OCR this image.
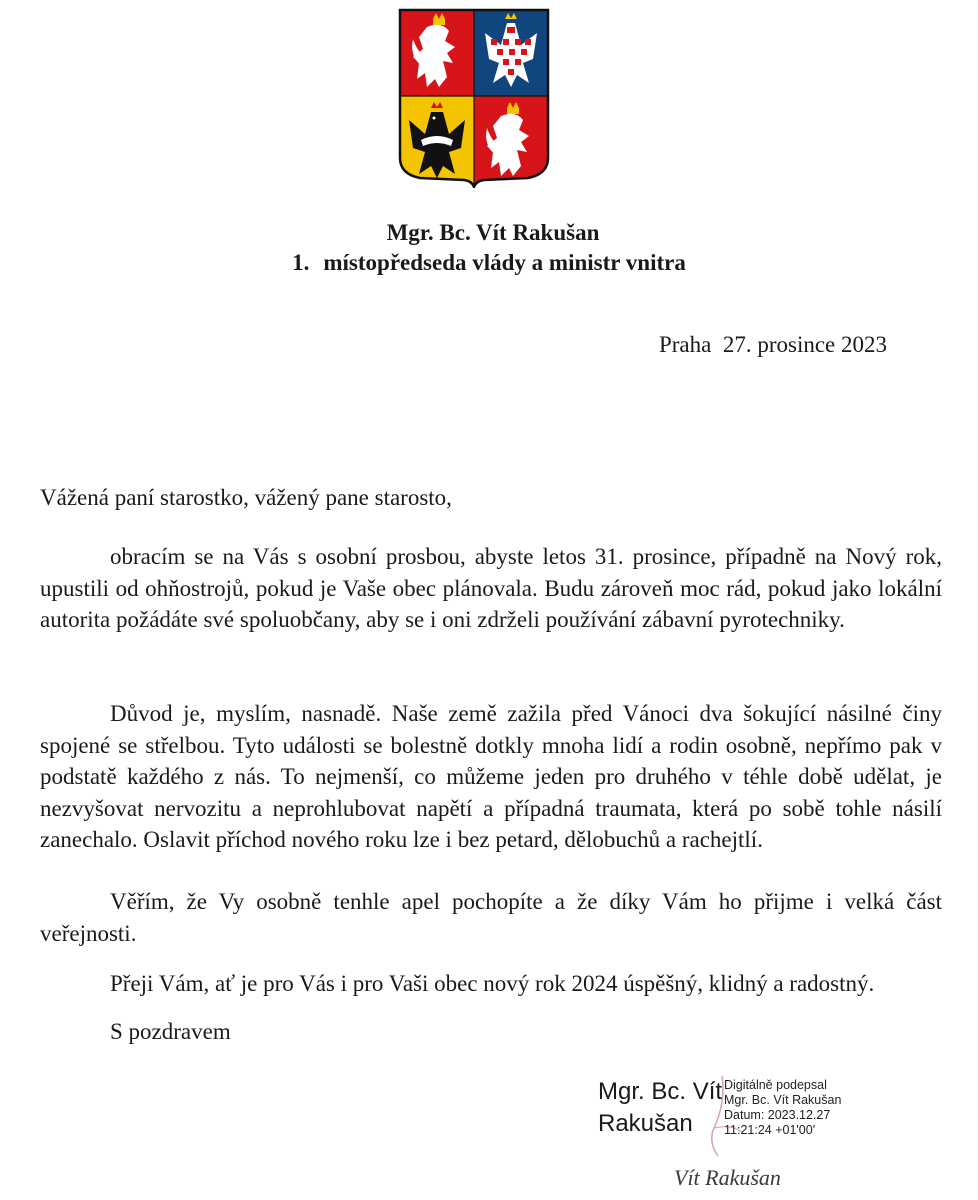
Mgr. Bc. Vít Rakušan
1. místopředseda vlády a ministr vnitra
Praha 27. prosince 2023
Vážená paní starostko, vážený pane starosto,

obracím se na Vás s osobní prosbou, abyste letos 31. prosince, případně na Nový rok, upustili od ohňostrojů, pokud je Vaše obec plánovala. Budu zároveň moc rád, pokud jako lokální autorita požádáte své spoluobčany, aby se i oni zdrželi používání zábavní pyrotechniky.

Důvod je, myslím, nasnadě. Naše země zažila před Vánoci dva šokující násilné činy spojené se střelbou. Tyto události se bolestně dotkly mnoha lidí a rodin osobně, nepřímo pak v podstatě každého z nás. To nejmenší, co můžeme jeden pro druhého v téhle době udělat, je nezvyšovat nervozitu a neprohlubovat napětí a případná traumata, která po sobě tohle násilí zanechalo. Oslavit příchod nového roku lze i bez petard, dělobuchů a rachejtlí.

Věřím, že Vy osobně tenhle apel pochopíte a že díky Vám ho přijme i velká část veřejnosti.

Přeji Vám, ať je pro Vás i pro Vaši obec nový rok 2024 úspěšný, klidný a radostný.

S pozdravem
Mgr. Bc. Vít
Rakušan
Digitálně podepsal
Mgr. Bc. Vít Rakušan
Datum: 2023.12.27
11:21:24 +01'00'
Vít Rakušan
